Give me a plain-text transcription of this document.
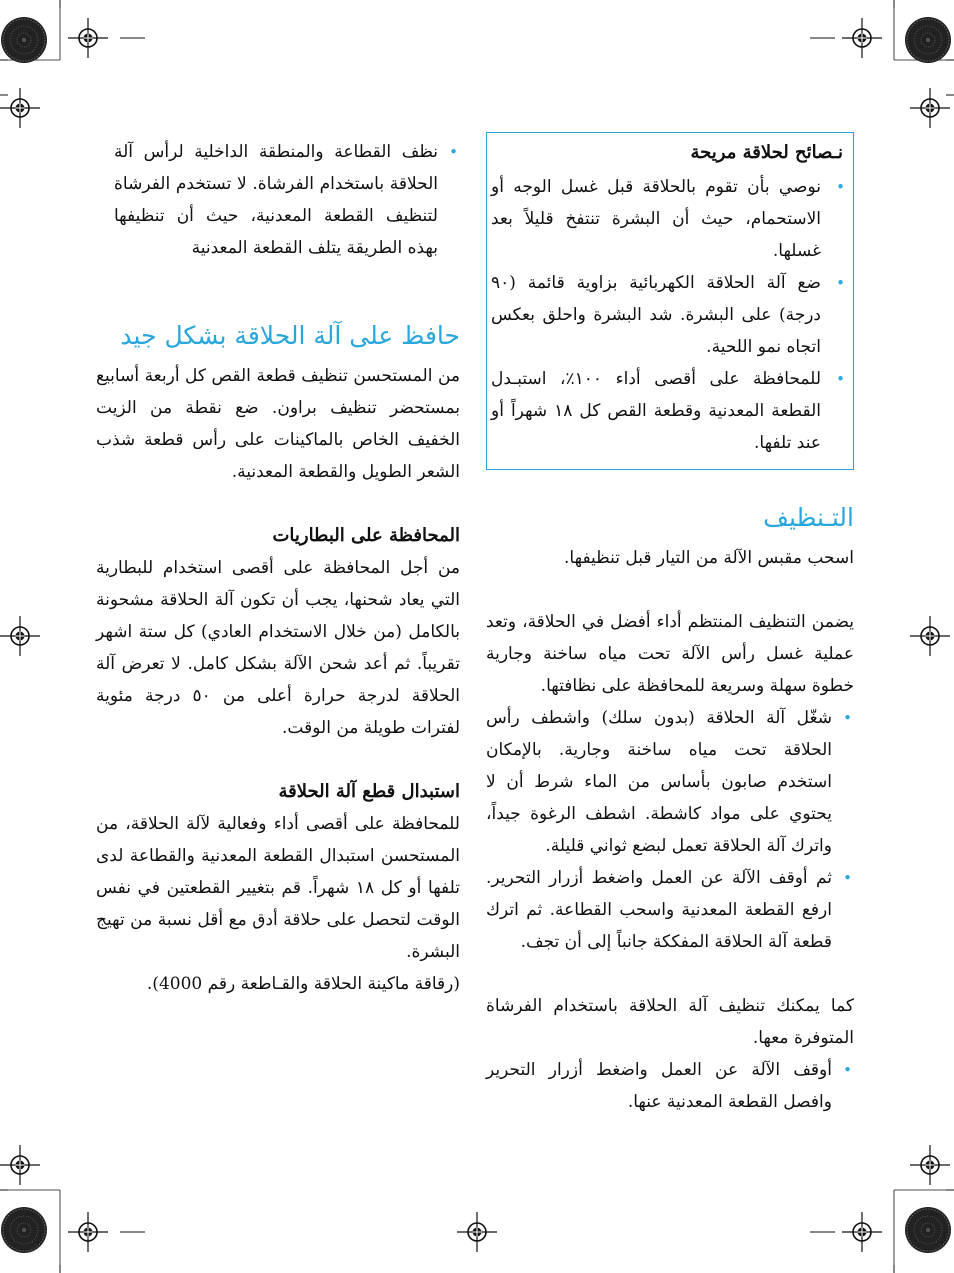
نـصائح لحلاقة مريحة
•
نوصي بأن تقوم بالحلاقة قبل غسل الوجه أو الاستحمام، حيث أن البشرة تنتفخ قليلاً بعد غسلها.
•
ضع آلة الحلاقة الكهربائية بزاوية قائمة (٩٠ درجة) على البشرة. شد البشرة واحلق بعكس اتجاه نمو اللحية.
•
للمحافظة على أقصى أداء ١٠٠٪، استبـدل القطعة المعدنية وقطعة القص كل ١٨ شهراً أو عند تلفها.
التـنظيف

اسحب مقبس الآلة من التيار قبل تنظيفها.

يضمن التنظيف المنتظم أداء أفضل في الحلاقة، وتعد عملية غسل رأس الآلة تحت مياه ساخنة وجارية خطوة سهلة وسريعة للمحافظة على نظافتها.

•
شغّل آلة الحلاقة (بدون سلك) واشطف رأس الحلاقة تحت مياه ساخنة وجارية. بالإمكان استخدم صابون بأساس من الماء شرط أن لا يحتوي على مواد كاشطة. اشطف الرغوة جيداً، واترك آلة الحلاقة تعمل لبضع ثواني قليلة.
•
ثم أوقف الآلة عن العمل واضغط أزرار التحرير. ارفع القطعة المعدنية واسحب القطاعة. ثم اترك قطعة آلة الحلاقة المفككة جانباً إلى أن تجف.

كما يمكنك تنظيف آلة الحلاقة باستخدام الفرشاة المتوفرة معها.

•
أوقف الآلة عن العمل واضغط أزرار التحرير وافصل القطعة المعدنية عنها.
•
نظف القطاعة والمنطقة الداخلية لرأس آلة الحلاقة باستخدام الفرشاة. لا تستخدم الفرشاة لتنظيف القطعة المعدنية، حيث أن تنظيفها بهذه الطريقة يتلف القطعة المعدنية
حافظ على آلة الحلاقة بشكل جيد

من المستحسن تنظيف قطعة القص كل أربعة أسابيع بمستحضر تنظيف براون. ضع نقطة من الزيت الخفيف الخاص بالماكينات على رأس قطعة شذب الشعر الطويل والقطعة المعدنية.

المحافظة على البطاريات

من أجل المحافظة على أقصى استخدام للبطارية التي يعاد شحنها، يجب أن تكون آلة الحلاقة مشحونة بالكامل (من خلال الاستخدام العادي) كل ستة اشهر تقريباً. ثم أعد شحن الآلة بشكل كامل. لا تعرض آلة الحلاقة لدرجة حرارة أعلى من ٥٠ درجة مئوية لفترات طويلة من الوقت.

استبدال قطع آلة الحلاقة

للمحافظة على أقصى أداء وفعالية لآلة الحلاقة، من المستحسن استبدال القطعة المعدنية والقطاعة لدى تلفها أو كل ١٨ شهراً. قم بتغيير القطعتين في نفس الوقت لتحصل على حلاقة أدق مع أقل نسبة من تهيج البشرة.

(رقاقة ماكينة الحلاقة والقـاطعة رقم 4000).
